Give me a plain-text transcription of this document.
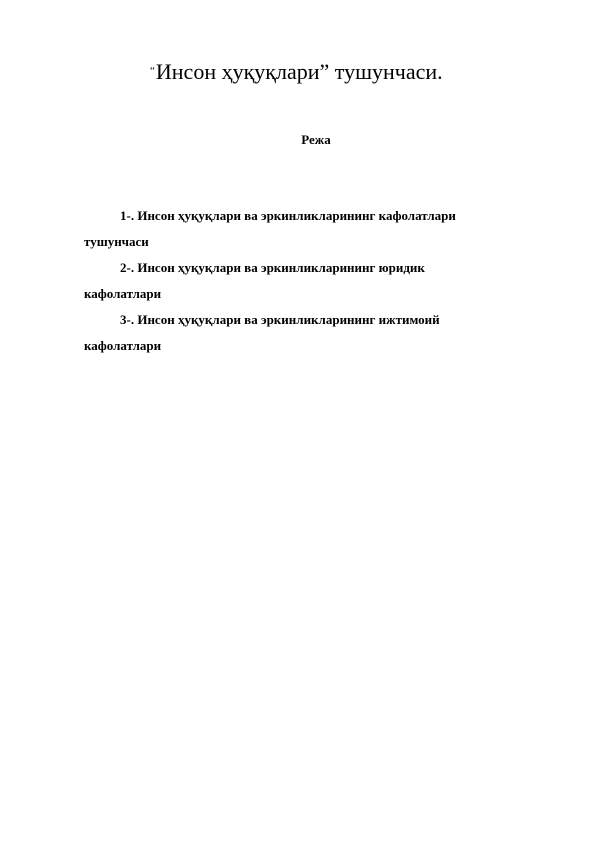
“Инсон ҳуқуқлари” тушунчаси.
Режа
1-. Инсон ҳуқуқлари ва эркинликларининг кафолатлари
тушунчаси
2-. Инсон ҳуқуқлари ва эркинликларининг юридик
кафолатлари
3-. Инсон ҳуқуқлари ва эркинликларининг ижтимоий
кафолатлари
